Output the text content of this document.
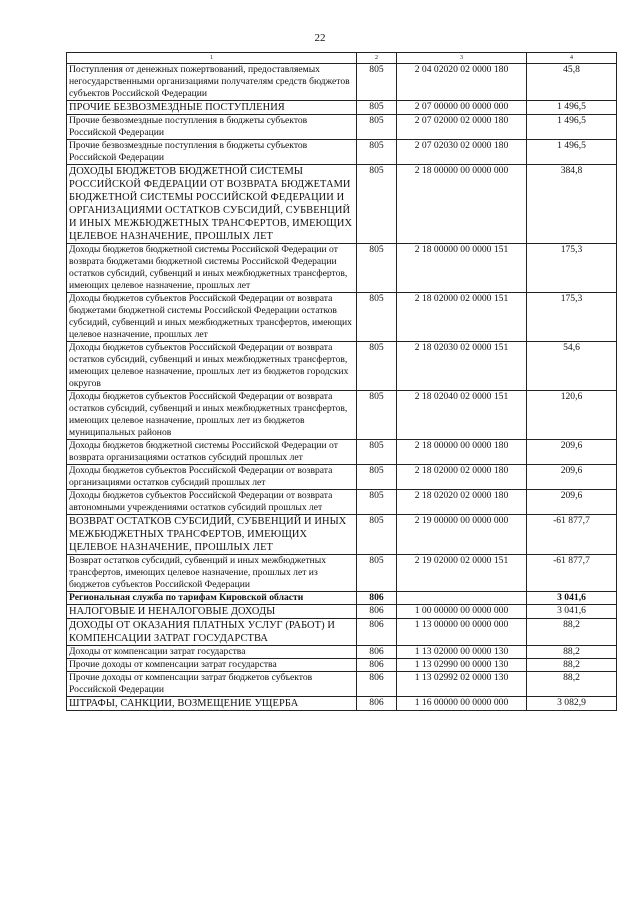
22
1	2	3	4
Поступления от денежных пожертвований, предоставляемых негосударственными организациями получателям средств бюджетов субъектов Российской Федерации	805	2 04 02020 02 0000 180	45,8
ПРОЧИЕ БЕЗВОЗМЕЗДНЫЕ ПОСТУПЛЕНИЯ	805	2 07 00000 00 0000 000	1 496,5
Прочие безвозмездные поступления в бюджеты субъектов Российской Федерации	805	2 07 02000 02 0000 180	1 496,5
Прочие безвозмездные поступления в бюджеты субъектов Российской Федерации	805	2 07 02030 02 0000 180	1 496,5
ДОХОДЫ БЮДЖЕТОВ БЮДЖЕТНОЙ СИСТЕМЫ РОССИЙСКОЙ ФЕДЕРАЦИИ ОТ ВОЗВРАТА БЮДЖЕТАМИ БЮДЖЕТНОЙ СИСТЕМЫ РОССИЙСКОЙ ФЕДЕРАЦИИ И ОРГАНИЗАЦИЯМИ ОСТАТКОВ СУБСИДИЙ, СУБВЕНЦИЙ И ИНЫХ МЕЖБЮДЖЕТНЫХ ТРАНСФЕРТОВ, ИМЕЮЩИХ ЦЕЛЕВОЕ НАЗНАЧЕНИЕ, ПРОШЛЫХ ЛЕТ	805	2 18 00000 00 0000 000	384,8
Доходы бюджетов бюджетной системы Российской Федерации от возврата бюджетами бюджетной системы Российской Федерации остатков субсидий, субвенций и иных межбюджетных трансфертов, имеющих целевое назначение, прошлых лет	805	2 18 00000 00 0000 151	175,3
Доходы бюджетов субъектов Российской Федерации от возврата бюджетами бюджетной системы Российской Федерации остатков субсидий, субвенций и иных межбюджетных трансфертов, имеющих целевое назначение, прошлых лет	805	2 18 02000 02 0000 151	175,3
Доходы бюджетов субъектов Российской Федерации от возврата остатков субсидий, субвенций и иных межбюджетных трансфертов, имеющих целевое назначение, прошлых лет из бюджетов городских округов	805	2 18 02030 02 0000 151	54,6
Доходы бюджетов субъектов Российской Федерации от возврата остатков субсидий, субвенций и иных межбюджетных трансфертов, имеющих целевое назначение, прошлых лет из бюджетов муниципальных районов	805	2 18 02040 02 0000 151	120,6
Доходы бюджетов бюджетной системы Российской Федерации от возврата организациями остатков субсидий прошлых лет	805	2 18 00000 00 0000 180	209,6
Доходы бюджетов субъектов Российской Федерации от возврата организациями остатков субсидий прошлых лет	805	2 18 02000 02 0000 180	209,6
Доходы бюджетов субъектов Российской Федерации от возврата автономными учреждениями остатков субсидий прошлых лет	805	2 18 02020 02 0000 180	209,6
ВОЗВРАТ ОСТАТКОВ СУБСИДИЙ, СУБВЕНЦИЙ И ИНЫХ МЕЖБЮДЖЕТНЫХ ТРАНСФЕРТОВ, ИМЕЮЩИХ ЦЕЛЕВОЕ НАЗНАЧЕНИЕ, ПРОШЛЫХ ЛЕТ	805	2 19 00000 00 0000 000	-61 877,7
Возврат остатков субсидий, субвенций и иных межбюджетных трансфертов, имеющих целевое назначение, прошлых лет из бюджетов субъектов Российской Федерации	805	2 19 02000 02 0000 151	-61 877,7
Региональная служба по тарифам Кировской области	806		3 041,6
НАЛОГОВЫЕ И НЕНАЛОГОВЫЕ ДОХОДЫ	806	1 00 00000 00 0000 000	3 041,6
ДОХОДЫ ОТ ОКАЗАНИЯ ПЛАТНЫХ УСЛУГ (РАБОТ) И КОМПЕНСАЦИИ ЗАТРАТ ГОСУДАРСТВА	806	1 13 00000 00 0000 000	88,2
Доходы от компенсации затрат государства	806	1 13 02000 00 0000 130	88,2
Прочие доходы от компенсации затрат государства	806	1 13 02990 00 0000 130	88,2
Прочие доходы от компенсации затрат бюджетов субъектов Российской Федерации	806	1 13 02992 02 0000 130	88,2
ШТРАФЫ, САНКЦИИ, ВОЗМЕЩЕНИЕ УЩЕРБА	806	1 16 00000 00 0000 000	3 082,9
